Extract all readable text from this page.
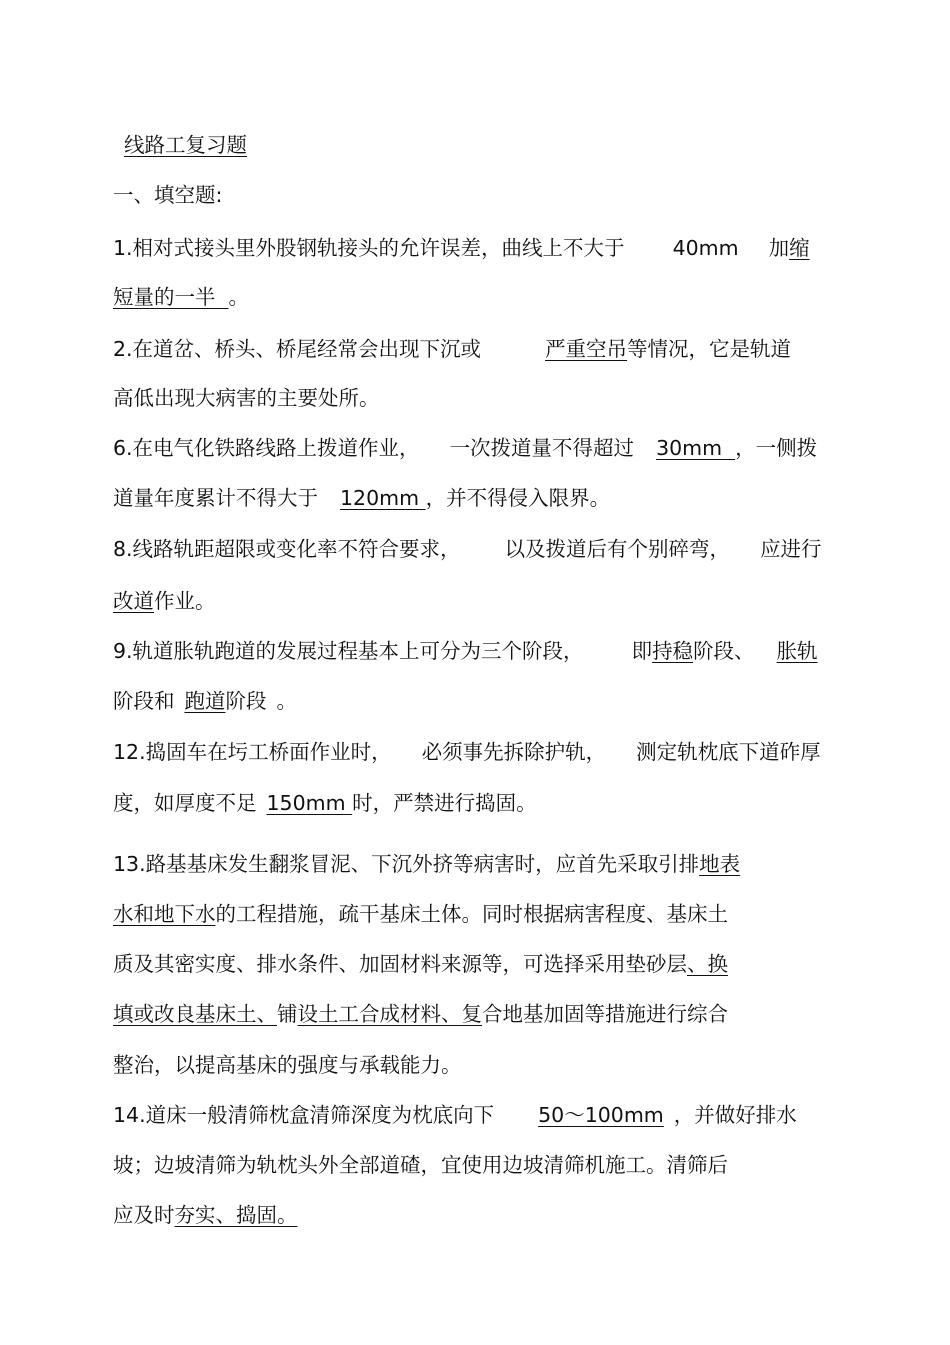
线路工复习题
一、填空题:
1.相对式接头里外股钢轨接头的允许误差，曲线上不大于 40mm 加缩
短量的一半 。
2.在道岔、桥头、桥尾经常会出现下沉或	严重空吊等情况，它是轨道
高低出现大病害的主要处所。
6.在电气化铁路线路上拨道作业， 一次拨道量不得超过 30mm ，一侧拨
道量年度累计不得大于 120mm ，并不得侵入限界。
8.线路轨距超限或变化率不符合要求， 以及拨道后有个别碎弯， 应进行
改道作业。
9.轨道胀轨跑道的发展过程基本上可分为三个阶段， 即持稳阶段、 胀轨
阶段和 跑道阶段 。
12.捣固车在圬工桥面作业时， 必须事先拆除护轨， 测定轨枕底下道砟厚
度，如厚度不足 150mm 时，严禁进行捣固。
13.路基基床发生翻浆冒泥、下沉外挤等病害时，应首先采取引排地表
水和地下水的工程措施，疏干基床土体。同时根据病害程度、基床土
质及其密实度、排水条件、加固材料来源等，可选择采用垫砂层、换
填或改良基床土、铺设土工合成材料、复合地基加固等措施进行综合
整治，以提高基床的强度与承载能力。
14.道床一般清筛枕盒清筛深度为枕底向下 50～100mm ，并做好排水
坡；边坡清筛为轨枕头外全部道碴，宜使用边坡清筛机施工。清筛后
应及时夯实、捣固。
